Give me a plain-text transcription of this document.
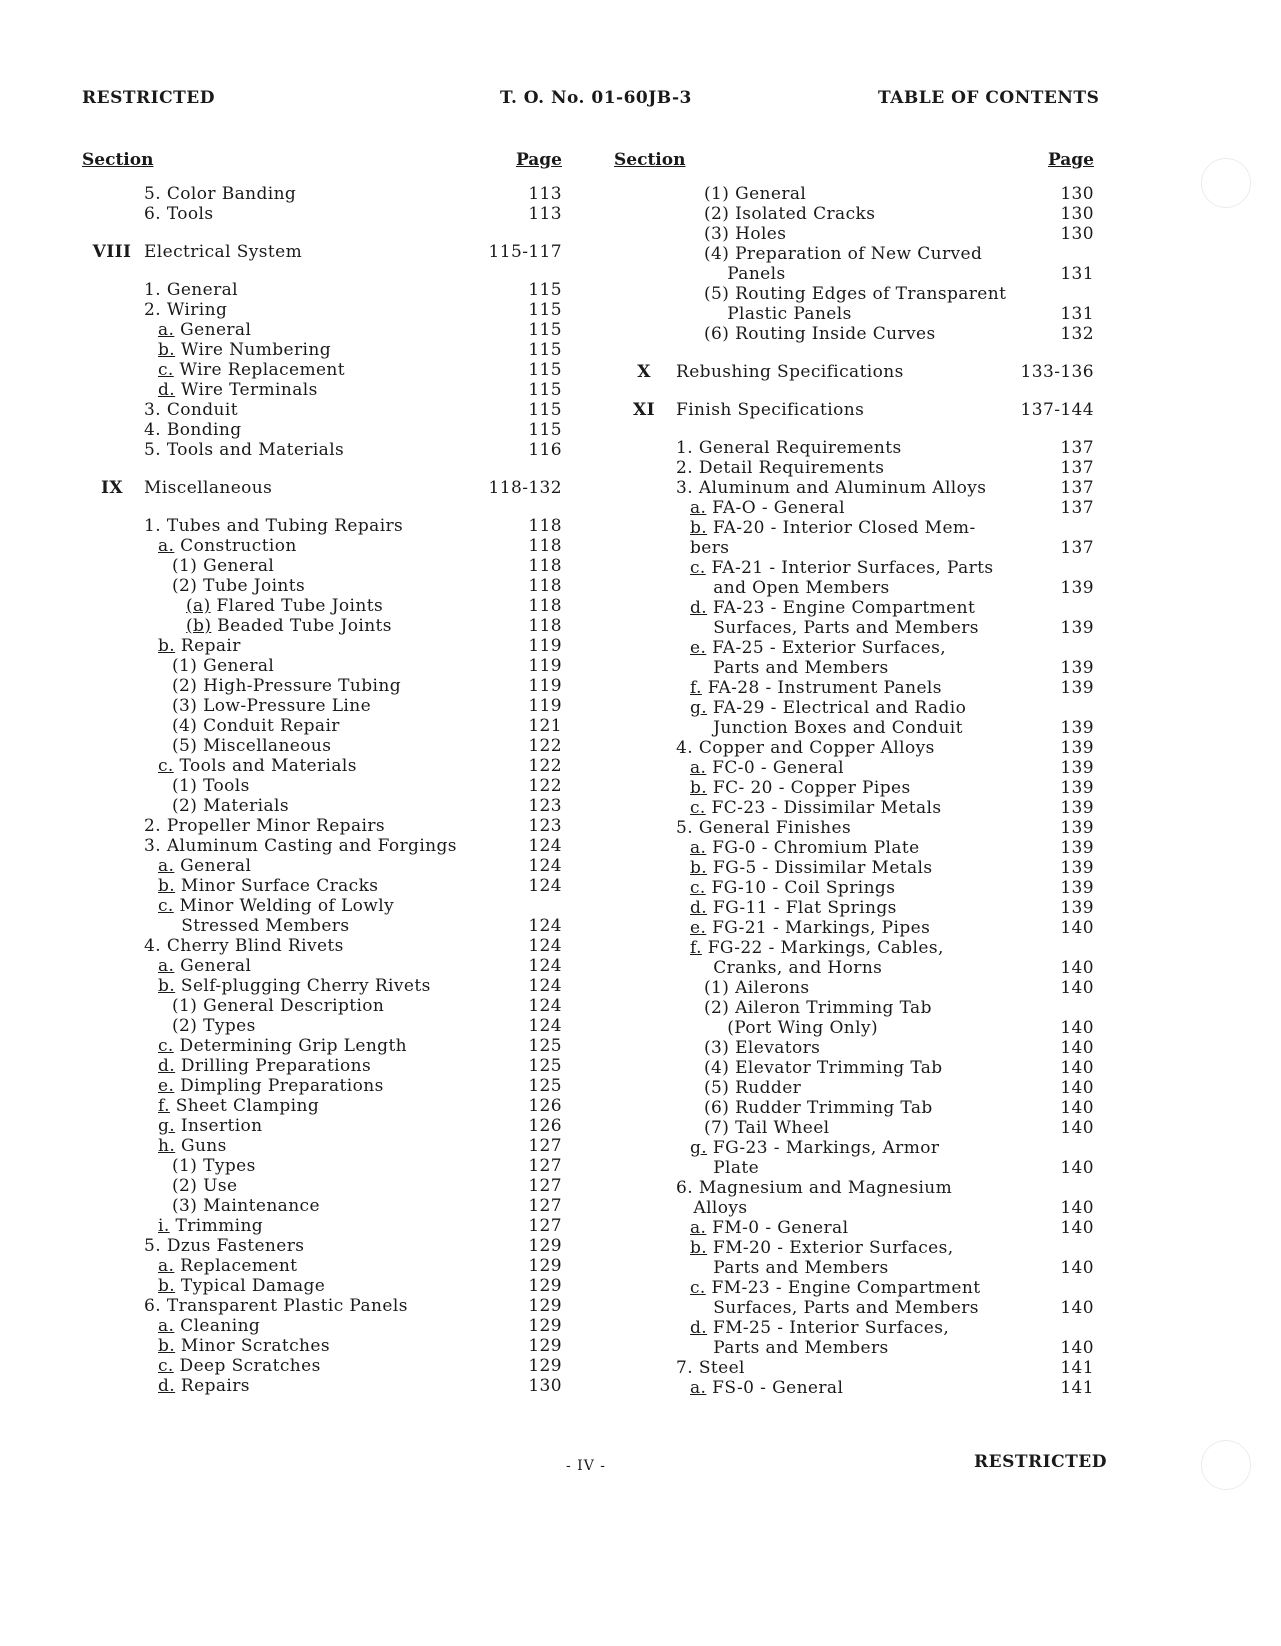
RESTRICTED	T. O. No. 01-60JB-3	TABLE OF CONTENTS
Section	Page
5. Color Banding	113
6. Tools	113
VIII Electrical System	115-117
1. General	115
2. Wiring	115
a. General	115
b. Wire Numbering	115
c. Wire Replacement	115
d. Wire Terminals	115
3. Conduit	115
4. Bonding	115
5. Tools and Materials	116
IX	Miscellaneous	118-132
1. Tubes and Tubing Repairs	118
a. Construction	118
(1) General	118
(2) Tube Joints	118
(a) Flared Tube Joints	118
(b) Beaded Tube Joints	118
b. Repair	119
(1) General	119
(2) High-Pressure Tubing	119
(3) Low-Pressure Line	119
(4) Conduit Repair	121
(5) Miscellaneous	122
c. Tools and Materials	122
(1) Tools	122
(2) Materials	123
2. Propeller Minor Repairs	123
3. Aluminum Casting and Forgings	124
a. General	124
b. Minor Surface Cracks	124
c. Minor Welding of Lowly
Stressed Members	124
4. Cherry Blind Rivets	124
a. General	124
b. Self-plugging Cherry Rivets	124
(1) General Description	124
(2) Types	124
c. Determining Grip Length	125
d. Drilling Preparations	125
e. Dimpling Preparations	125
f. Sheet Clamping	126
g. Insertion	126
h. Guns	127
(1) Types	127
(2) Use	127
(3) Maintenance	127
i. Trimming	127
5. Dzus Fasteners	129
a. Replacement	129
b. Typical Damage	129
6. Transparent Plastic Panels	129
a. Cleaning	129
b. Minor Scratches	129
c. Deep Scratches	129
d. Repairs	130
Section	Page
(1) General	130
(2) Isolated Cracks	130
(3) Holes	130
(4) Preparation of New Curved
Panels	131
(5) Routing Edges of Transparent
Plastic Panels	131
(6) Routing Inside Curves	132
X	Rebushing Specifications	133-136
XI	Finish Specifications	137-144
1. General Requirements	137
2. Detail Requirements	137
3. Aluminum and Aluminum Alloys	137
a. FA-O - General	137
b. FA-20 - Interior Closed Mem-
bers	137
c. FA-21 - Interior Surfaces, Parts
and Open Members	139
d. FA-23 - Engine Compartment
Surfaces, Parts and Members	139
e. FA-25 - Exterior Surfaces,
Parts and Members	139
f. FA-28 - Instrument Panels	139
g. FA-29 - Electrical and Radio
Junction Boxes and Conduit	139
4. Copper and Copper Alloys	139
a. FC-0 - General	139
b. FC- 20 - Copper Pipes	139
c. FC-23 - Dissimilar Metals	139
5. General Finishes	139
a. FG-0 - Chromium Plate	139
b. FG-5 - Dissimilar Metals	139
c. FG-10 - Coil Springs	139
d. FG-11 - Flat Springs	139
e. FG-21 - Markings, Pipes	140
f. FG-22 - Markings, Cables,
Cranks, and Horns	140
(1) Ailerons	140
(2) Aileron Trimming Tab
(Port Wing Only)	140
(3) Elevators	140
(4) Elevator Trimming Tab	140
(5) Rudder	140
(6) Rudder Trimming Tab	140
(7) Tail Wheel	140
g. FG-23 - Markings, Armor
Plate	140
6. Magnesium and Magnesium
Alloys	140
a. FM-0 - General	140
b. FM-20 - Exterior Surfaces,
Parts and Members	140
c. FM-23 - Engine Compartment
Surfaces, Parts and Members	140
d. FM-25 - Interior Surfaces,
Parts and Members	140
7. Steel	141
a. FS-0 - General	141
- IV -	RESTRICTED
